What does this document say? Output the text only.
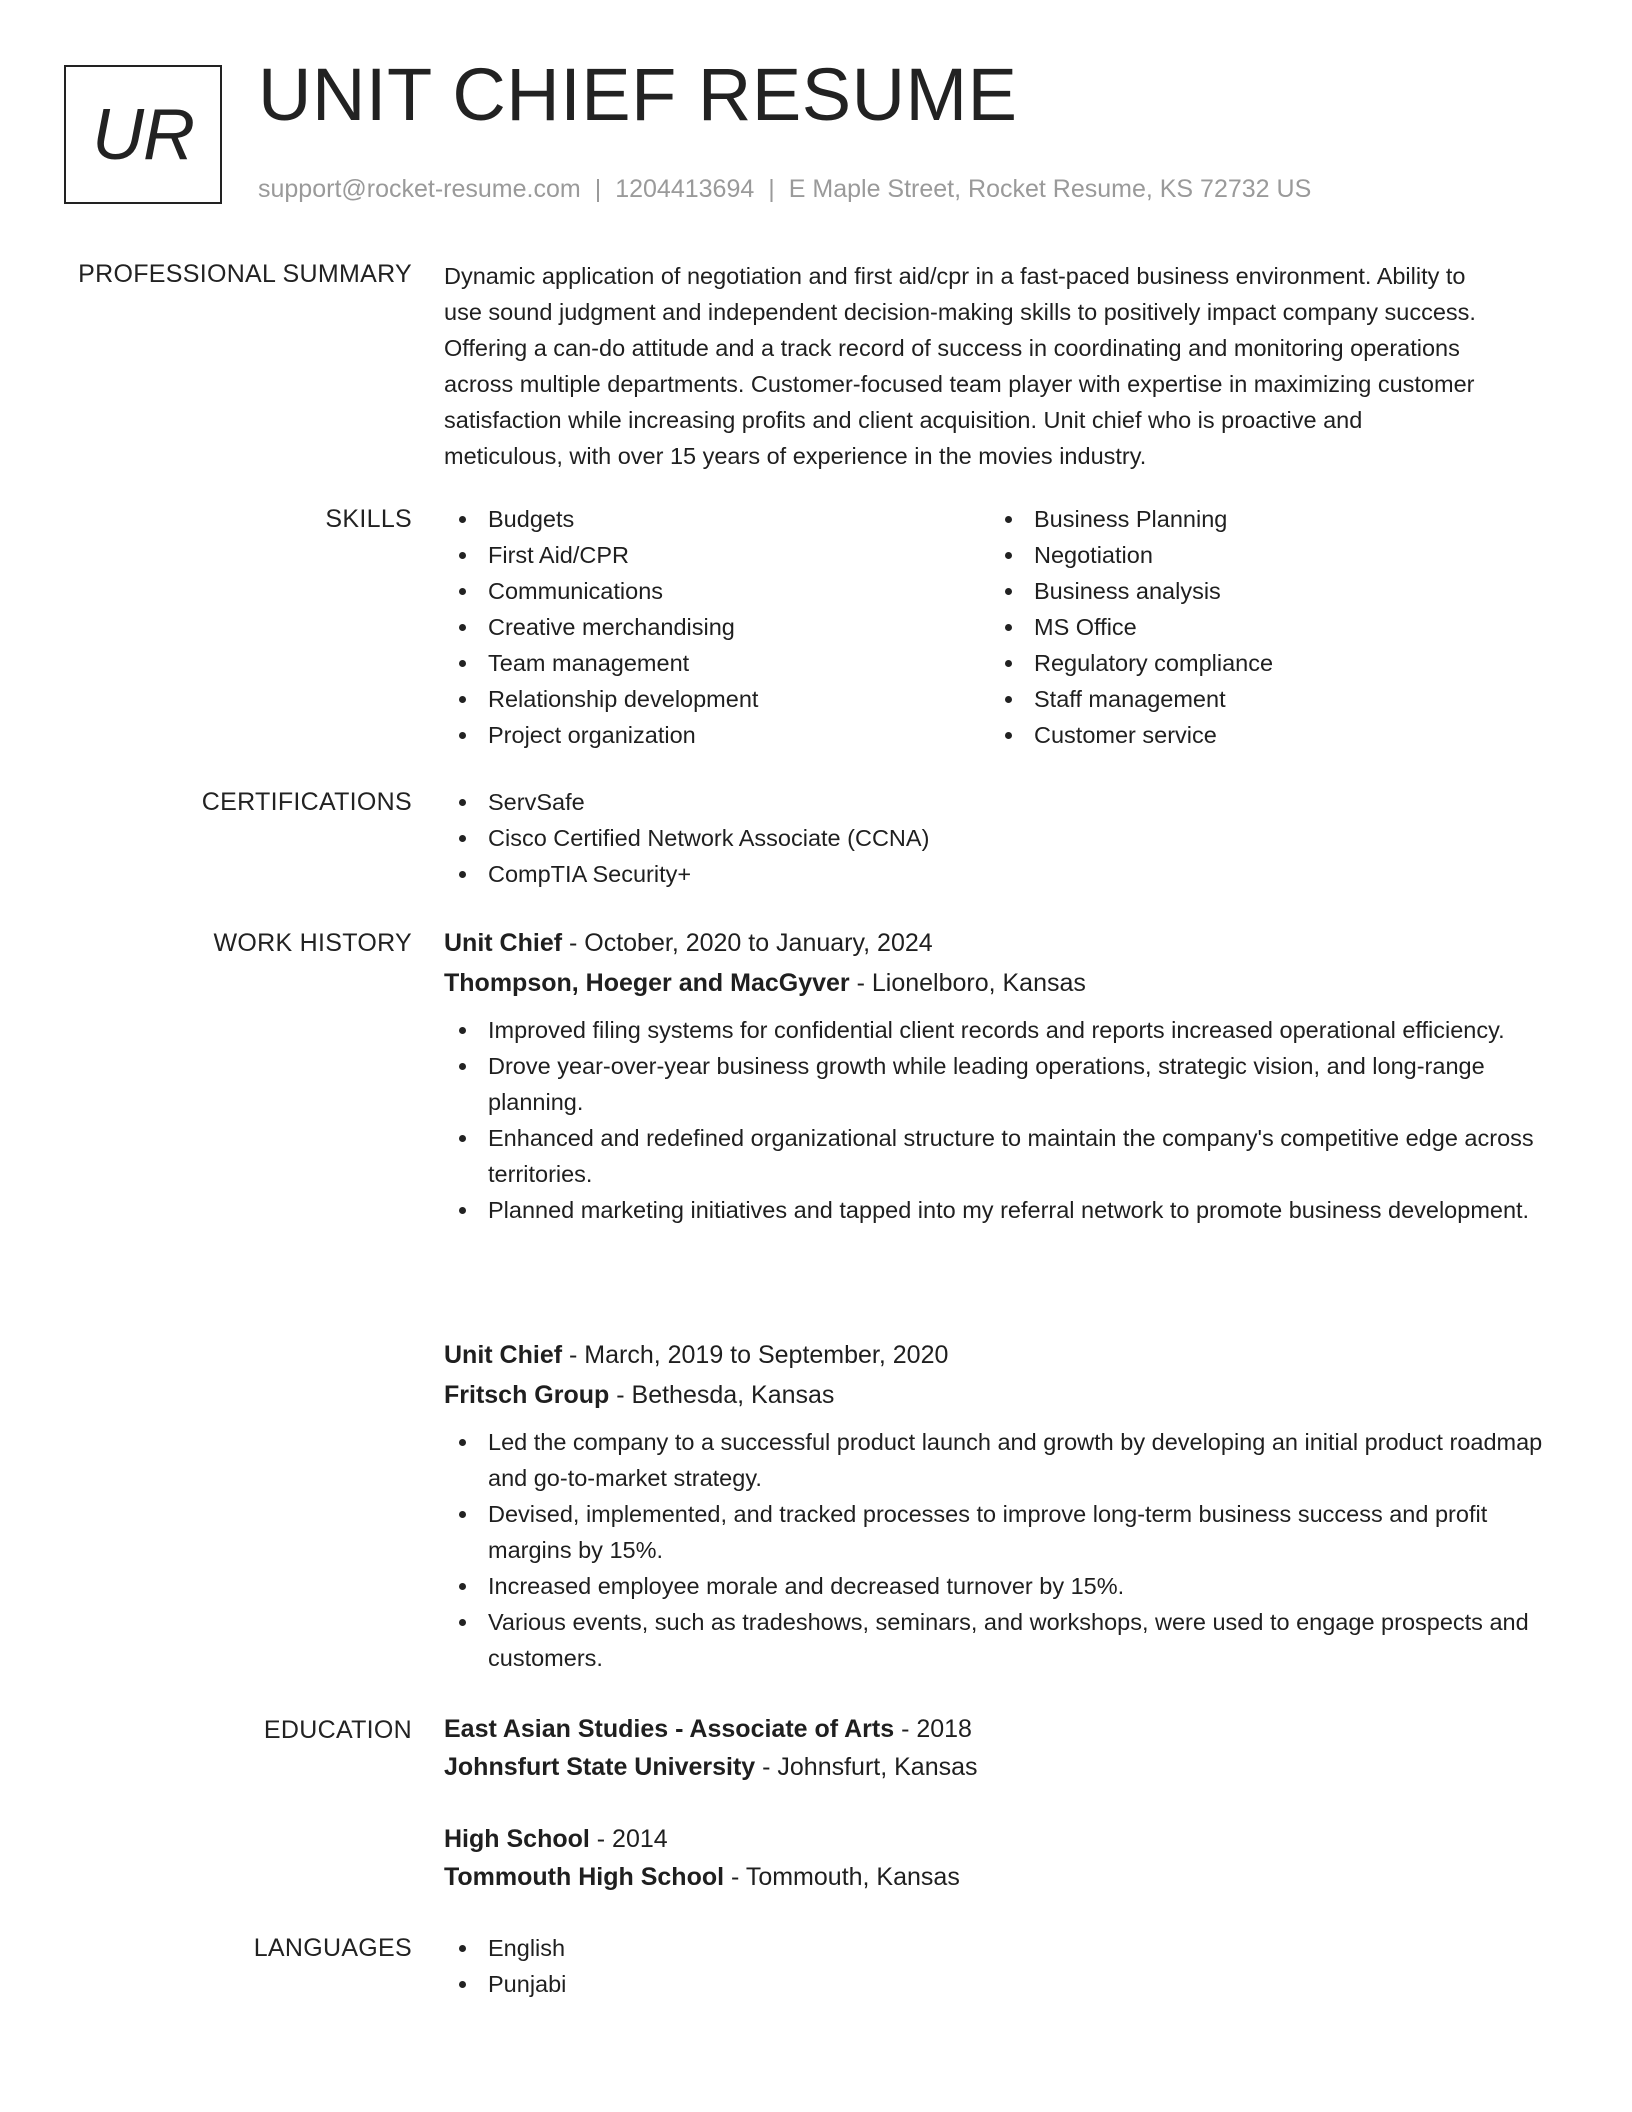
UR UNIT CHIEF RESUME
support@rocket-resume.com | 1204413694 | E Maple Street, Rocket Resume, KS 72732 US
PROFESSIONAL SUMMARY Dynamic application of negotiation and first aid/cpr in a fast-paced business environment. Ability to
use sound judgment and independent decision-making skills to positively impact company success.
Offering a can-do attitude and a track record of success in coordinating and monitoring operations
across multiple departments. Customer-focused team player with expertise in maximizing customer
satisfaction while increasing profits and client acquisition. Unit chief who is proactive and
meticulous, with over 15 years of experience in the movies industry.

SKILLS	Budgets
First Aid/CPR
Communications
Creative merchandising
Team management
Relationship development
Project organization
Business Planning
Negotiation
Business analysis
MS Office
Regulatory compliance
Staff management
Customer service
CERTIFICATIONS	ServSafe
Cisco Certified Network Associate (CCNA)
CompTIA Security+
WORK HISTORY Unit Chief - October, 2020 to January, 2024
Thompson, Hoeger and MacGyver - Lionelboro, Kansas
Improved filing systems for confidential client records and reports increased operational efficiency.
Drove year-over-year business growth while leading operations, strategic vision, and long-range planning.
Enhanced and redefined organizational structure to maintain the company's competitive edge across territories.
Planned marketing initiatives and tapped into my referral network to promote business development.
Unit Chief - March, 2019 to September, 2020
Fritsch Group - Bethesda, Kansas
Led the company to a successful product launch and growth by developing an initial product roadmap and go-to-market strategy.
Devised, implemented, and tracked processes to improve long-term business success and profit margins by 15%.
Increased employee morale and decreased turnover by 15%.
Various events, such as tradeshows, seminars, and workshops, were used to engage prospects and customers.
EDUCATION East Asian Studies - Associate of Arts - 2018
Johnsfurt State University - Johnsfurt, Kansas
High School - 2014
Tommouth High School - Tommouth, Kansas
LANGUAGES	English
Punjabi
